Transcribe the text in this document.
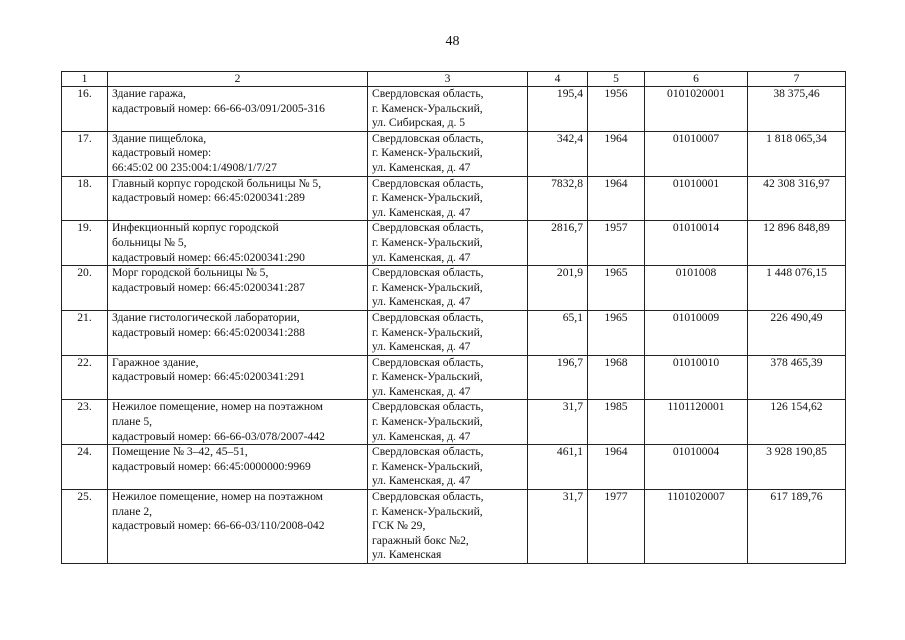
48
1	2	3	4	5	6	7
16.	Здание гаража,
кадастровый номер: 66-66-03/091/2005-316	Свердловская область,
г. Каменск-Уральский,
ул. Сибирская, д. 5	195,4	1956	0101020001	38 375,46
17.	Здание пищеблока,
кадастровый номер:
66:45:02 00 235:004:1/4908/1/7/27	Свердловская область,
г. Каменск-Уральский,
ул. Каменская, д. 47	342,4	1964	01010007	1 818 065,34
18.	Главный корпус городской больницы № 5,
кадастровый номер: 66:45:0200341:289	Свердловская область,
г. Каменск-Уральский,
ул. Каменская, д. 47	7832,8	1964	01010001	42 308 316,97
19.	Инфекционный корпус городской
больницы № 5,
кадастровый номер: 66:45:0200341:290	Свердловская область,
г. Каменск-Уральский,
ул. Каменская, д. 47	2816,7	1957	01010014	12 896 848,89
20.	Морг городской больницы № 5,
кадастровый номер: 66:45:0200341:287	Свердловская область,
г. Каменск-Уральский,
ул. Каменская, д. 47	201,9	1965	0101008	1 448 076,15
21.	Здание гистологической лаборатории,
кадастровый номер: 66:45:0200341:288	Свердловская область,
г. Каменск-Уральский,
ул. Каменская, д. 47	65,1	1965	01010009	226 490,49
22.	Гаражное здание,
кадастровый номер: 66:45:0200341:291	Свердловская область,
г. Каменск-Уральский,
ул. Каменская, д. 47	196,7	1968	01010010	378 465,39
23.	Нежилое помещение, номер на поэтажном
плане 5,
кадастровый номер: 66-66-03/078/2007-442	Свердловская область,
г. Каменск-Уральский,
ул. Каменская, д. 47	31,7	1985	1101120001	126 154,62
24.	Помещение № 3–42, 45–51,
кадастровый номер: 66:45:0000000:9969	Свердловская область,
г. Каменск-Уральский,
ул. Каменская, д. 47	461,1	1964	01010004	3 928 190,85
25.	Нежилое помещение, номер на поэтажном
плане 2,
кадастровый номер: 66-66-03/110/2008-042	Свердловская область,
г. Каменск-Уральский,
ГСК № 29,
гаражный бокс №2,
ул. Каменская	31,7	1977	1101020007	617 189,76
